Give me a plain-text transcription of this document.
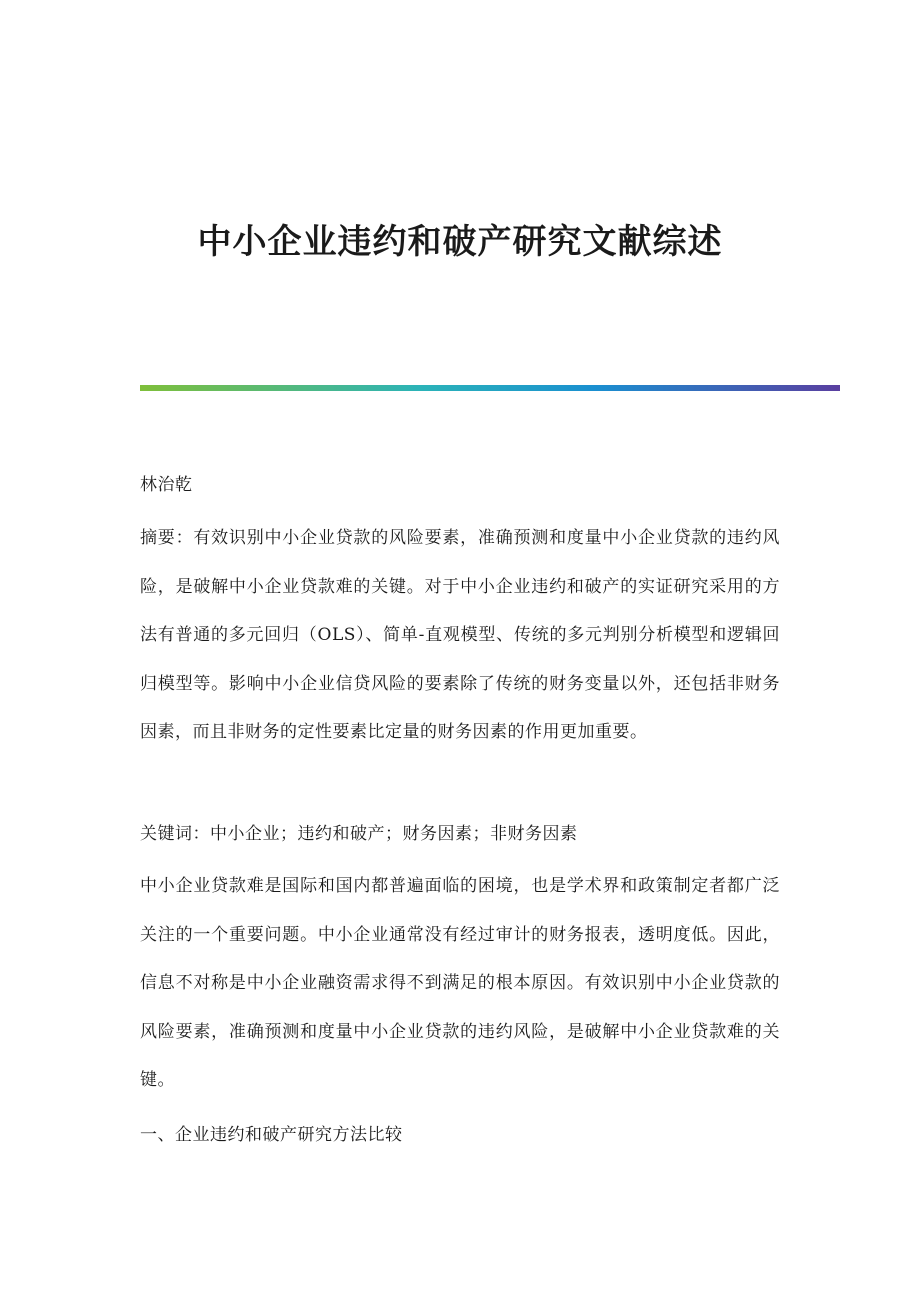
中小企业违约和破产研究文献综述

林治乾

摘要：有效识别中小企业贷款的风险要素，准确预测和度量中小企业贷款的违约风险，是破解中小企业贷款难的关键。对于中小企业违约和破产的实证研究采用的方法有普通的多元回归（OLS）、简单-直观模型、传统的多元判别分析模型和逻辑回归模型等。影响中小企业信贷风险的要素除了传统的财务变量以外，还包括非财务因素，而且非财务的定性要素比定量的财务因素的作用更加重要。

关键词：中小企业；违约和破产；财务因素；非财务因素

中小企业贷款难是国际和国内都普遍面临的困境，也是学术界和政策制定者都广泛关注的一个重要问题。中小企业通常没有经过审计的财务报表，透明度低。因此，信息不对称是中小企业融资需求得不到满足的根本原因。有效识别中小企业贷款的风险要素，准确预测和度量中小企业贷款的违约风险，是破解中小企业贷款难的关键。

一、企业违约和破产研究方法比较
